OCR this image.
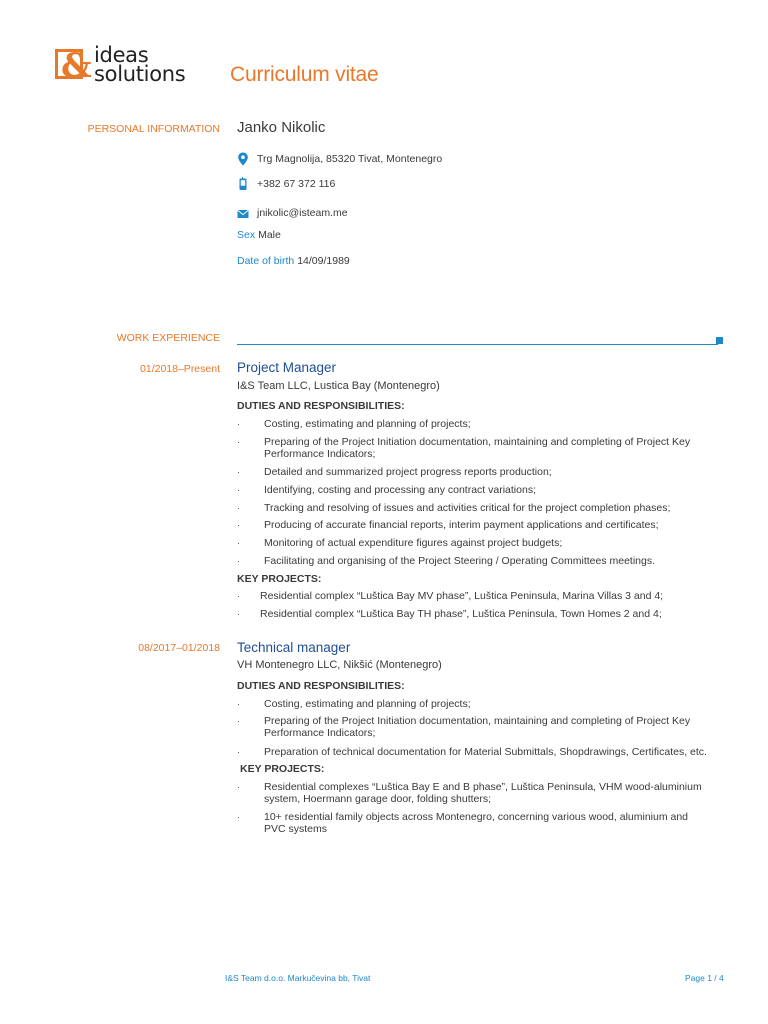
& ideas
solutions Curriculum vitae
PERSONAL INFORMATION Janko Nikolic
Trg Magnolija, 85320 Tivat, Montenegro
+382 67 372 116
jnikolic@isteam.me
Sex Male
Date of birth 14/09/1989
WORK EXPERIENCE
01/2018–Present Project Manager
I&S Team LLC, Lustica Bay (Montenegro)
DUTIES AND RESPONSIBILITIES:
·	Costing, estimating and planning of projects;
·	Preparing of the Project Initiation documentation, maintaining and completing of Project Key Performance Indicators;
·	Detailed and summarized project progress reports production;
·	Identifying, costing and processing any contract variations;
·	Tracking and resolving of issues and activities critical for the project completion phases;
·	Producing of accurate financial reports, interim payment applications and certificates;
·	Monitoring of actual expenditure figures against project budgets;
·	Facilitating and organising of the Project Steering / Operating Committees meetings.
KEY PROJECTS:
·	Residential complex “Luštica Bay MV phase”, Luštica Peninsula, Marina Villas 3 and 4;
·	Residential complex “Luštica Bay TH phase”, Luštica Peninsula, Town Homes 2 and 4;
08/2017–01/2018 Technical manager
VH Montenegro LLC, Nikšić (Montenegro)
DUTIES AND RESPONSIBILITIES:
·	Costing, estimating and planning of projects;
·	Preparing of the Project Initiation documentation, maintaining and completing of Project Key Performance Indicators;
·	Preparation of technical documentation for Material Submittals, Shopdrawings, Certificates, etc.
KEY PROJECTS:
·	Residential complexes “Luštica Bay E and B phase”, Luštica Peninsula, VHM wood-aluminium system, Hoermann garage door, folding shutters;
·	10+ residential family objects across Montenegro, concerning various wood, aluminium and PVC systems
I&S Team d.o.o. Markučevina bb, Tivat	Page 1 / 4
